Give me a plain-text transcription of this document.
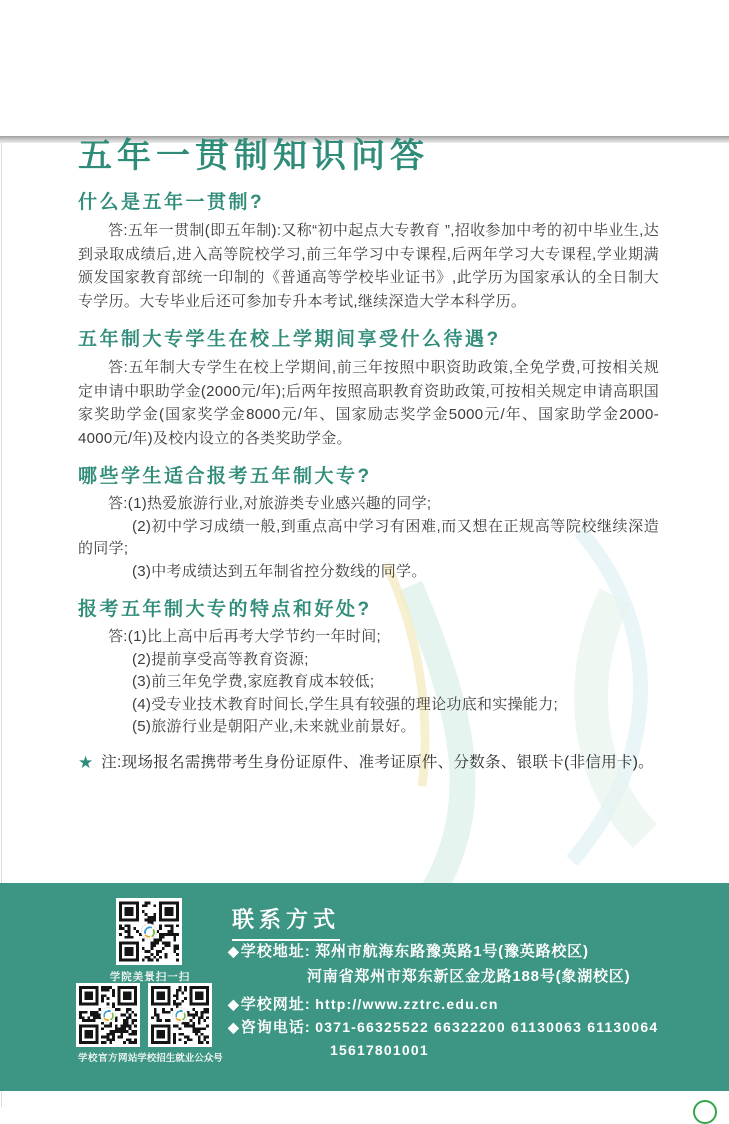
五年一贯制知识问答
什么是五年一贯制?

答:五年一贯制(即五年制):又称“初中起点大专教育 ”,招收参加中考的初中毕业生,达到录取成绩后,进入高等院校学习,前三年学习中专课程,后两年学习大专课程,学业期满颁发国家教育部统一印制的《普通高等学校毕业证书》,此学历为国家承认的全日制大专学历。大专毕业后还可参加专升本考试,继续深造大学本科学历。

五年制大专学生在校上学期间享受什么待遇?

答:五年制大专学生在校上学期间,前三年按照中职资助政策,全免学费,可按相关规定申请中职助学金(2000元/年);后两年按照高职教育资助政策,可按相关规定申请高职国家奖助学金(国家奖学金8000元/年、国家励志奖学金5000元/年、国家助学金2000-4000元/年)及校内设立的各类奖助学金。

哪些学生适合报考五年制大专?

答:(1)热爱旅游行业,对旅游类专业感兴趣的同学;

(2)初中学习成绩一般,到重点高中学习有困难,而又想在正规高等院校继续深造的同学;

(3)中考成绩达到五年制省控分数线的同学。

报考五年制大专的特点和好处?

答:(1)比上高中后再考大学节约一年时间;

(2)提前享受高等教育资源;

(3)前三年免学费,家庭教育成本较低;

(4)受专业技术教育时间长,学生具有较强的理论功底和实操能力;

(5)旅游行业是朝阳产业,未来就业前景好。

★ 注:现场报名需携带考生身份证原件、准考证原件、分数条、银联卡(非信用卡)。
学院美景扫一扫
联系方式
◆ 学校地址: 郑州市航海东路豫英路1号(豫英路校区)
河南省郑州市郑东新区金龙路188号(象湖校区)
学校官方网站 学校招生就业公众号
◆ 学校网址: http://www.zztrc.edu.cn
◆ 咨询电话: 0371-66325522 66322200 61130063 61130064
15617801001
